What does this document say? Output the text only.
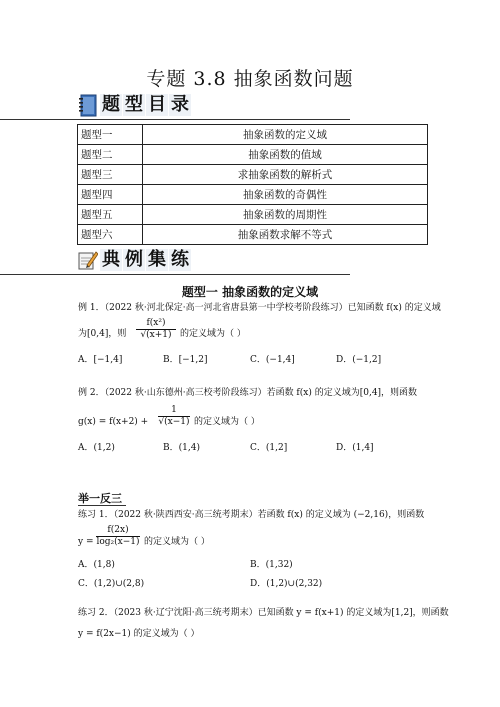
专题 3.8 抽象函数问题
题 型 目 录
题型一	抽象函数的定义域
题型二	抽象函数的值域
题型三	求抽象函数的解析式
题型四	抽象函数的奇偶性
题型五	抽象函数的周期性
题型六	抽象函数求解不等式
典 例 集 练
题型一 抽象函数的定义域
例 1．（2022 秋·河北保定·高一河北省唐县第一中学校考阶段练习）已知函数 f(x) 的定义域
为[0,4]，则 $\frac{\text{f(x²)}}{√(x+1)}$ 的定义域为（ ）
A．[−1,4]	B．[−1,2]	C．(−1,4]	D．(−1,2]
例 2．（2022 秋·山东德州·高三校考阶段练习）若函数 f(x) 的定义域为[0,4]，则函数
$g(x) = f(x+2) + \frac{1}{√(x-1)}$ 的定义域为（ ）
A．(1,2)	B．(1,4)	C．(1,2]	D．(1,4]
举一反三
练习 1．（2022 秋·陕西西安·高三统考期末）若函数 f(x) 的定义域为 (−2,16)，则函数
$y = \frac{f(2x)}{\text{log₂(x−1)}}$ 的定义域为（ ）
A．(1,8)	B．(1,32)
C．(1,2)∪(2,8)	D．(1,2)∪(2,32)
练习 2．（2023 秋·辽宁沈阳·高三统考期末）已知函数 y = f(x+1) 的定义域为[1,2]，则函数
y = f(2x−1) 的定义域为（ ）
